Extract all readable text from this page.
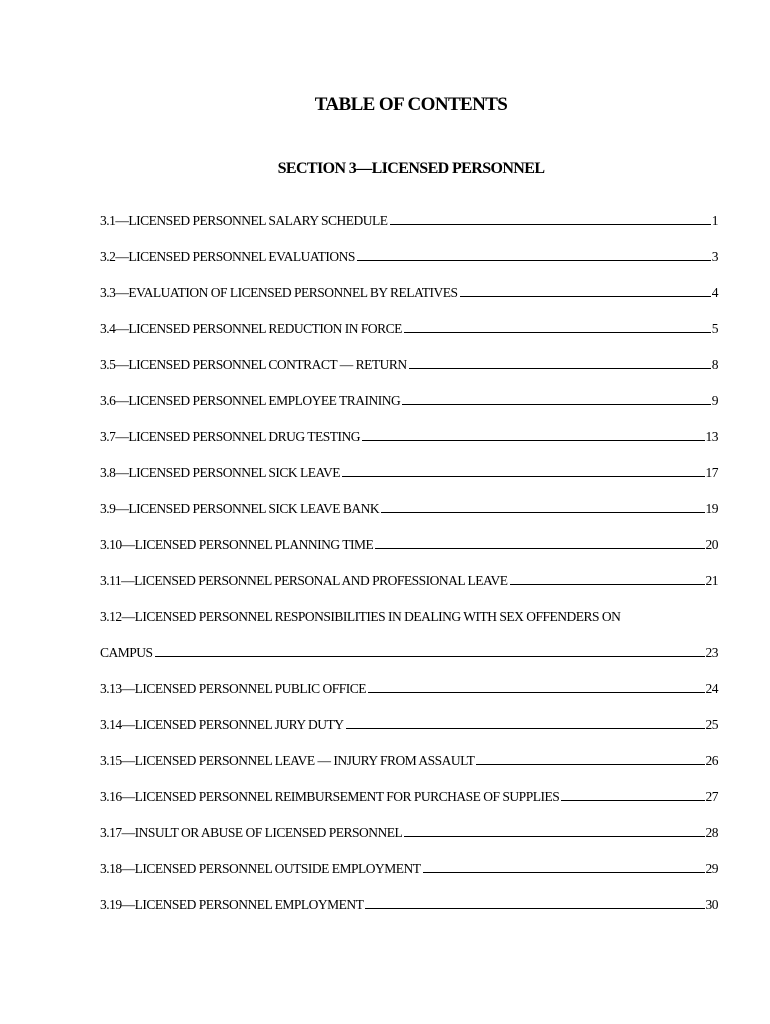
TABLE OF CONTENTS
SECTION 3—LICENSED PERSONNEL
3.1—LICENSED PERSONNEL SALARY SCHEDULE	1
3.2—LICENSED PERSONNEL EVALUATIONS	3
3.3—EVALUATION OF LICENSED PERSONNEL BY RELATIVES	4
3.4—LICENSED PERSONNEL REDUCTION IN FORCE	5
3.5—LICENSED PERSONNEL CONTRACT — RETURN	8
3.6—LICENSED PERSONNEL EMPLOYEE TRAINING	9
3.7—LICENSED PERSONNEL DRUG TESTING	13
3.8—LICENSED PERSONNEL SICK LEAVE	17
3.9—LICENSED PERSONNEL SICK LEAVE BANK	19
3.10—LICENSED PERSONNEL PLANNING TIME	20
3.11—LICENSED PERSONNEL PERSONAL AND PROFESSIONAL LEAVE	21
3.12—LICENSED PERSONNEL RESPONSIBILITIES IN DEALING WITH SEX OFFENDERS ON
CAMPUS	23
3.13—LICENSED PERSONNEL PUBLIC OFFICE	24
3.14—LICENSED PERSONNEL JURY DUTY	25
3.15—LICENSED PERSONNEL LEAVE — INJURY FROM ASSAULT	26
3.16—LICENSED PERSONNEL REIMBURSEMENT FOR PURCHASE OF SUPPLIES	27
3.17—INSULT OR ABUSE OF LICENSED PERSONNEL	28
3.18—LICENSED PERSONNEL OUTSIDE EMPLOYMENT	29
3.19—LICENSED PERSONNEL EMPLOYMENT	30
